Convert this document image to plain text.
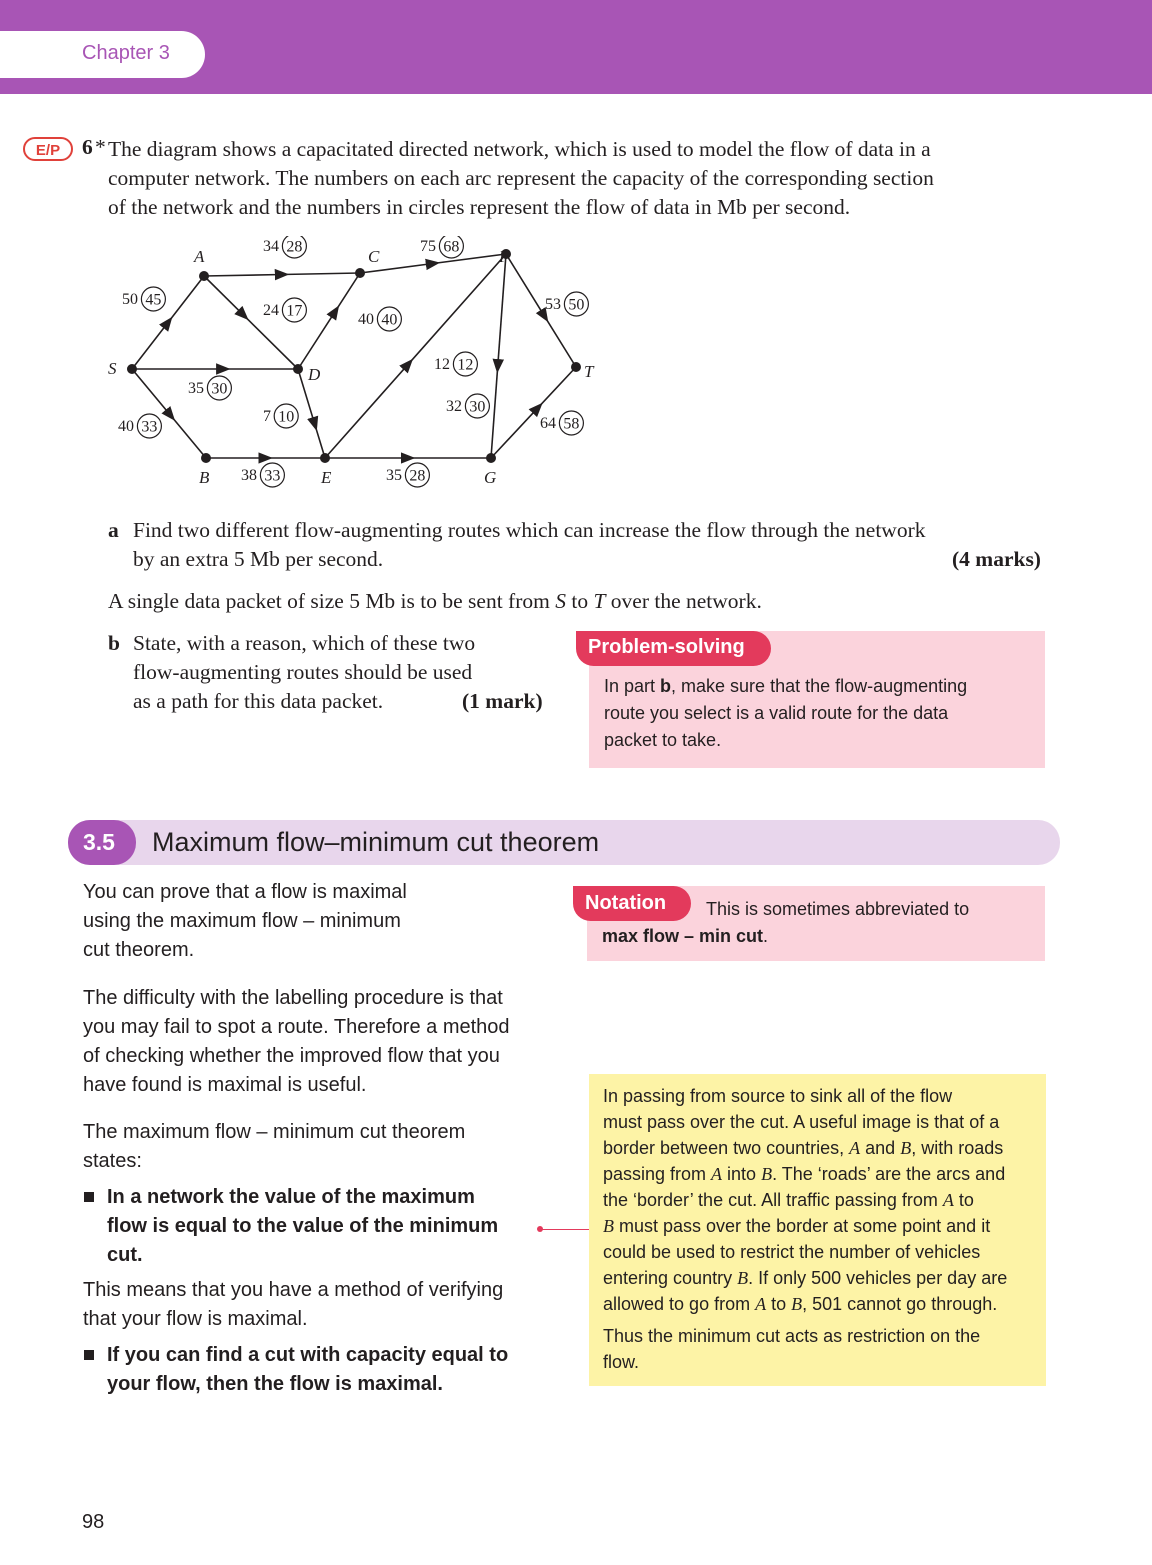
Chapter 3
E/P	6 * The diagram shows a capacitated directed network, which is used to model the flow of data in a
computer network. The numbers on each arc represent the capacity of the corresponding section
of the network and the numbers in circles represent the flow of data in Mb per second.
50 45
35 30
40 33
34 28
24 17	40 40
7 10
75 68
38 33
12 12
35 28
32 30
53 50
64 58
S
A
B
C
D
E
F
G
T
a Find two different flow-augmenting routes which can increase the flow through the network
by an extra 5 Mb per second.	(4 marks)
A single data packet of size 5 Mb is to be sent from S to T over the network.
b State, with a reason, which of these two
flow-augmenting routes should be used
as a path for this data packet.	(1 mark)
Problem-solving
In part b, make sure that the flow-augmenting
route you select is a valid route for the data
packet to take.
3.5 Maximum flow–minimum cut theorem
You can prove that a flow is maximal
using the maximum flow – minimum
cut theorem.
The difficulty with the labelling procedure is that
you may fail to spot a route. Therefore a method
of checking whether the improved flow that you
have found is maximal is useful.
The maximum flow – minimum cut theorem
states:
In a network the value of the maximum
flow is equal to the value of the minimum
cut.
This means that you have a method of verifying
that your flow is maximal.
If you can find a cut with capacity equal to
your flow, then the flow is maximal.
Notation This is sometimes abbreviated to
max flow – min cut.
In passing from source to sink all of the flow
must pass over the cut. A useful image is that of a
border between two countries, A and B, with roads
passing from A into B. The ‘roads’ are the arcs and
the ‘border’ the cut. All traffic passing from A to
B must pass over the border at some point and it
could be used to restrict the number of vehicles
entering country B. If only 500 vehicles per day are
allowed to go from A to B, 501 cannot go through.
Thus the minimum cut acts as restriction on the
flow.
98
